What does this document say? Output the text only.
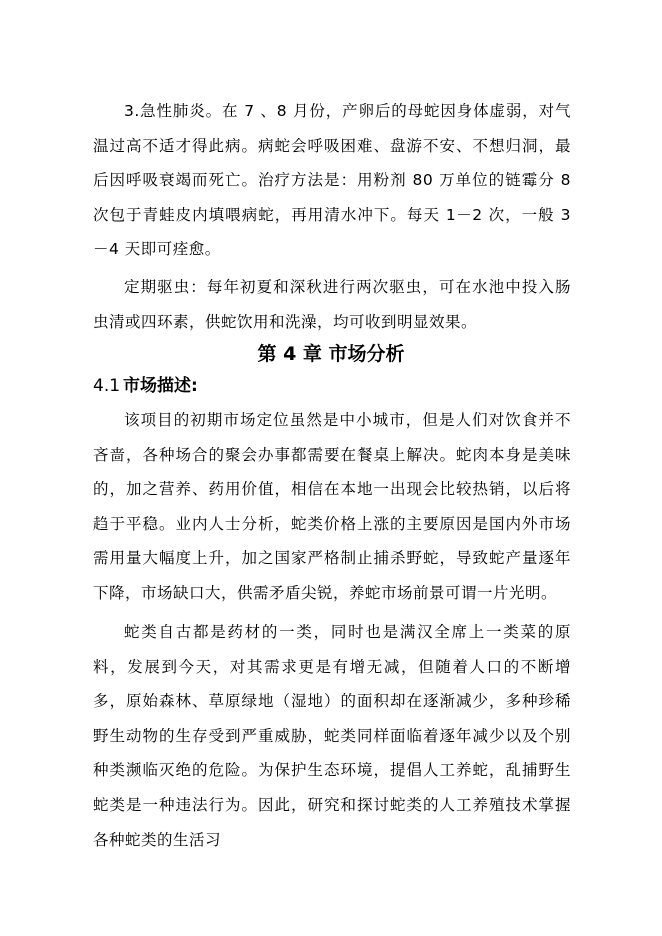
3.急性肺炎。在 7 、8 月份，产卵后的母蛇因身体虚弱，对气温过高不适才得此病。病蛇会呼吸困难、盘游不安、不想归洞，最后因呼吸衰竭而死亡。治疗方法是：用粉剂 80 万单位的链霉分 8 次包于青蛙皮内填喂病蛇，再用清水冲下。每天 1－2 次，一般 3－4 天即可痊愈。

定期驱虫：每年初夏和深秋进行两次驱虫，可在水池中投入肠虫清或四环素，供蛇饮用和洗澡，均可收到明显效果。

第 4 章 市场分析
4.1 市场描述:

该项目的初期市场定位虽然是中小城市，但是人们对饮食并不吝啬，各种场合的聚会办事都需要在餐桌上解决。蛇肉本身是美味的，加之营养、药用价值，相信在本地一出现会比较热销，以后将趋于平稳。业内人士分析，蛇类价格上涨的主要原因是国内外市场需用量大幅度上升，加之国家严格制止捕杀野蛇，导致蛇产量逐年下降，市场缺口大，供需矛盾尖锐，养蛇市场前景可谓一片光明。

蛇类自古都是药材的一类，同时也是满汉全席上一类菜的原料，发展到今天，对其需求更是有增无减，但随着人口的不断增多，原始森林、草原绿地（湿地）的面积却在逐渐减少，多种珍稀野生动物的生存受到严重威胁，蛇类同样面临着逐年减少以及个别种类濒临灭绝的危险。为保护生态环境，提倡人工养蛇，乱捕野生蛇类是一种违法行为。因此，研究和探讨蛇类的人工养殖技术掌握各种蛇类的生活习
